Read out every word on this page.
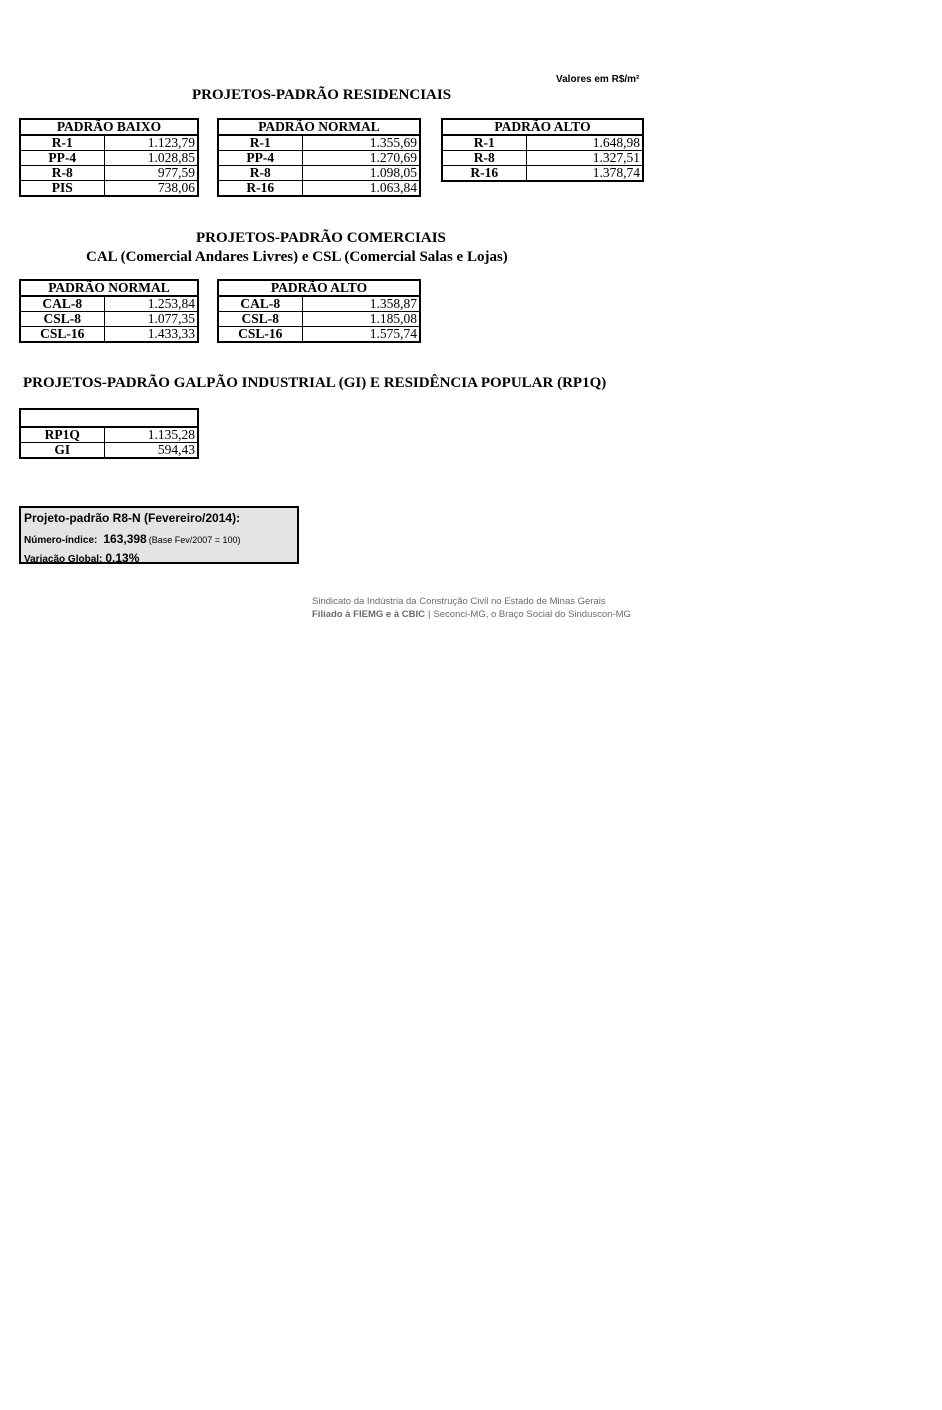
Valores em R$/m²
PROJETOS-PADRÃO RESIDENCIAIS
PADRÃO BAIXO	
R-1	1.123,79
PP-4	1.028,85
R-8	977,59
PIS	738,06
PADRÃO NORMAL	
R-1	1.355,69
PP-4	1.270,69
R-8	1.098,05
R-16	1.063,84
PADRÃO ALTO	
R-1	1.648,98
R-8	1.327,51
R-16	1.378,74
PROJETOS-PADRÃO COMERCIAIS
CAL (Comercial Andares Livres) e CSL (Comercial Salas e Lojas)
PADRÃO NORMAL	
CAL-8	1.253,84
CSL-8	1.077,35
CSL-16	1.433,33
PADRÃO ALTO	
CAL-8	1.358,87
CSL-8	1.185,08
CSL-16	1.575,74
PROJETOS-PADRÃO GALPÃO INDUSTRIAL (GI) E RESIDÊNCIA POPULAR (RP1Q)

RP1Q	1.135,28
GI	594,43
Projeto-padrão R8-N (Fevereiro/2014):
Número-índice: 163,398 (Base Fev/2007 = 100)
Variação Global: 0,13%
Sindicato da Indústria da Construção Civil no Estado de Minas Gerais
Filiado à FIEMG e à CBIC | Seconci-MG, o Braço Social do Sinduscon-MG
